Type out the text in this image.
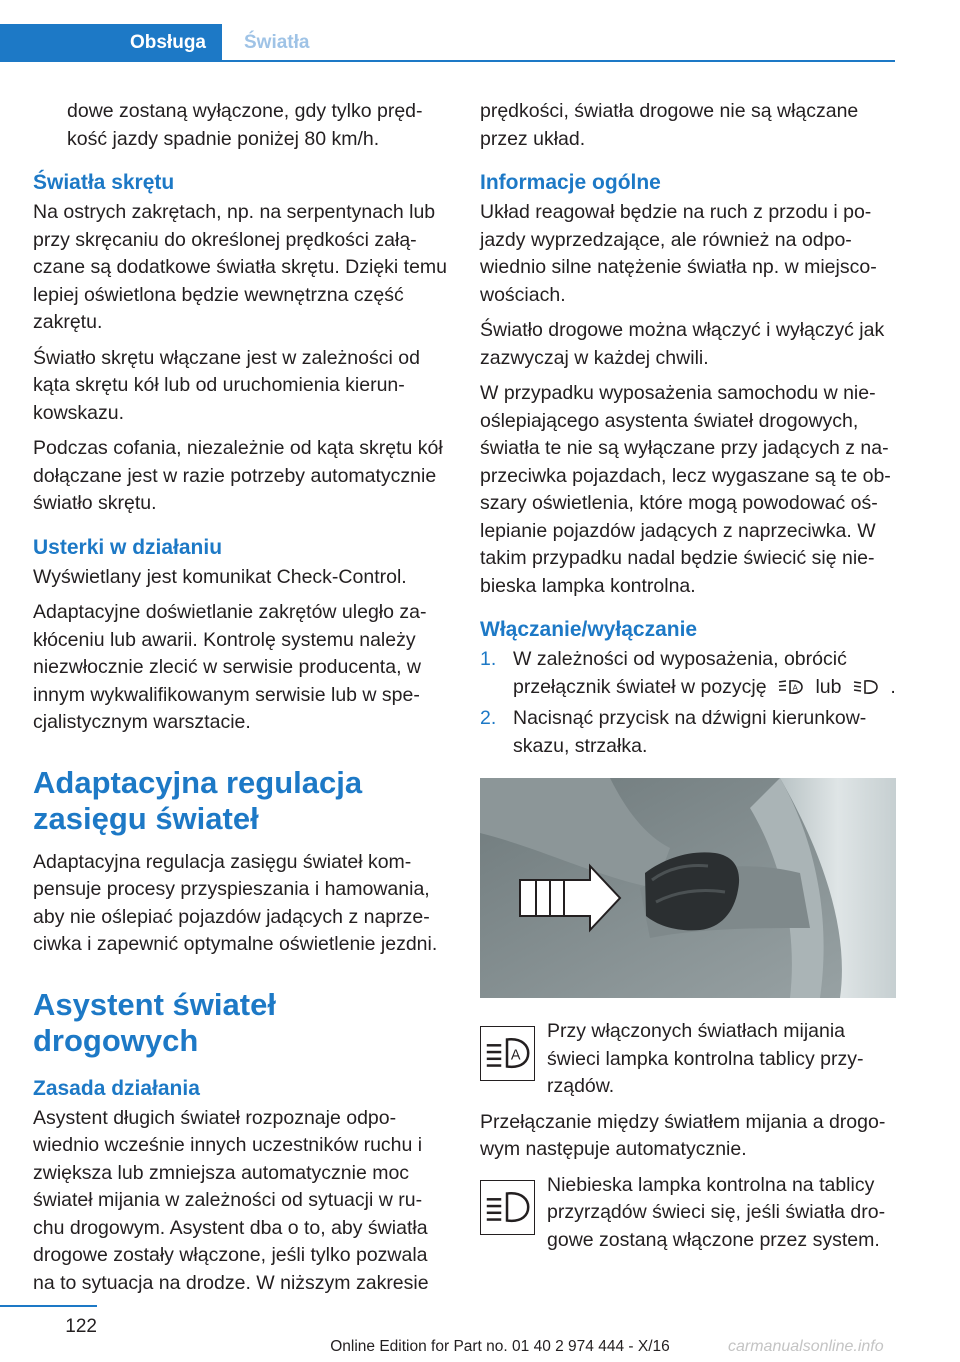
Obsługa	Światła

dowe zostaną wyłączone, gdy tylko pręd‐ kość jazdy spadnie poniżej 80 km/h.

Światła skrętu

Na ostrych zakrętach, np. na serpentynach lub przy skręcaniu do określonej prędkości załą‐ czane są dodatkowe światła skrętu. Dzięki temu lepiej oświetlona będzie wewnętrzna część zakrętu.

Światło skrętu włączane jest w zależności od kąta skrętu kół lub od uruchomienia kierun‐ kowskazu.

Podczas cofania, niezależnie od kąta skrętu kół dołączane jest w razie potrzeby automatycznie światło skrętu.

Usterki w działaniu

Wyświetlany jest komunikat Check-Control.

Adaptacyjne doświetlanie zakrętów uległo za‐ kłóceniu lub awarii. Kontrolę systemu należy niezwłocznie zlecić w serwisie producenta, w innym wykwalifikowanym serwisie lub w spe‐ cjalistycznym warsztacie.

Adaptacyjna regulacja zasięgu świateł

Adaptacyjna regulacja zasięgu świateł kom‐ pensuje procesy przyspieszania i hamowania, aby nie oślepiać pojazdów jadących z naprze‐ ciwka i zapewnić optymalne oświetlenie jezdni.

Asystent świateł drogowych
Zasada działania

Asystent długich świateł rozpoznaje odpo‐ wiednio wcześnie innych uczestników ruchu i zwiększa lub zmniejsza automatycznie moc świateł mijania w zależności od sytuacji w ru‐ chu drogowym. Asystent dba o to, aby światła drogowe zostały włączone, jeśli tylko pozwala na to sytuacja na drodze. W niższym zakresie

prędkości, światła drogowe nie są włączane przez układ.

Informacje ogólne

Układ reagował będzie na ruch z przodu i po‐ jazdy wyprzedzające, ale również na odpo‐ wiednio silne natężenie światła np. w miejsco‐ wościach.

Światło drogowe można włączyć i wyłączyć jak zazwyczaj w każdej chwili.

W przypadku wyposażenia samochodu w nie‐ oślepiającego asystenta świateł drogowych, światła te nie są wyłączane przy jadących z na‐ przeciwka pojazdach, lecz wygaszane są te ob‐ szary oświetlenia, które mogą powodować oś‐ lepianie pojazdów jadących z naprzeciwka. W takim przypadku nadal będzie świecić się nie‐ bieska lampka kontrolna.

Włączanie/wyłączanie
1. W zależności od wyposażenia, obrócić przełącznik świateł w pozycję	A lub	.
2. Nacisnąć przycisk na dźwigni kierunkow‐ skazu, strzałka.
A

Przy włączonych światłach mijania świeci lampka kontrolna tablicy przy‐ rządów.

Przełączanie między światłem mijania a drogo‐ wym następuje automatycznie.

Niebieska lampka kontrolna na tablicy przyrządów świeci się, jeśli światła dro‐ gowe zostaną włączone przez system.

122
Online Edition for Part no. 01 40 2 974 444 - X/16	carmanualsonline.info
